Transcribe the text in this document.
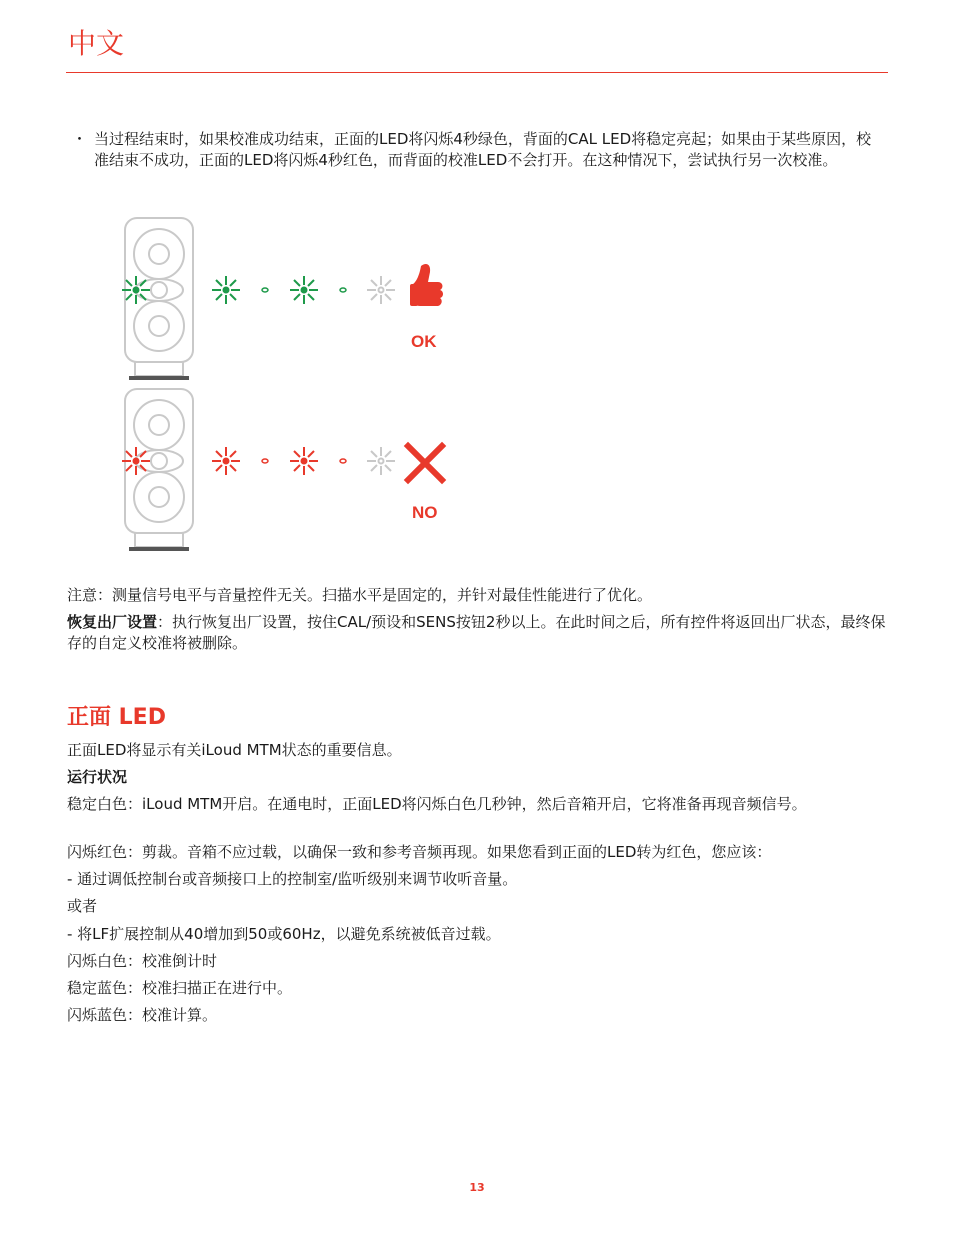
中文
・ 当过程结束时，如果校准成功结束，正面的LED将闪烁4秒绿色，背面的CAL LED将稳定亮起；如果由于某些原因，校准结束不成功，正面的LED将闪烁4秒红色，而背面的校准LED不会打开。在这种情况下，尝试执行另一次校准。
OK
NO
注意：测量信号电平与音量控件无关。扫描水平是固定的，并针对最佳性能进行了优化。
恢复出厂设置：执行恢复出厂设置，按住CAL/预设和SENS按钮2秒以上。在此时间之后，所有控件将返回出厂状态，最终保存的自定义校准将被删除。
正面 LED
正面LED将显示有关iLoud MTM状态的重要信息。
运行状况
稳定白色：iLoud MTM开启。在通电时，正面LED将闪烁白色几秒钟，然后音箱开启，它将准备再现音频信号。
闪烁红色：剪裁。音箱不应过载，以确保一致和参考音频再现。如果您看到正面的LED转为红色，您应该：
- 通过调低控制台或音频接口上的控制室/监听级别来调节收听音量。
或者
- 将LF扩展控制从40增加到50或60Hz，以避免系统被低音过载。
闪烁白色：校准倒计时
稳定蓝色：校准扫描正在进行中。
闪烁蓝色：校准计算。
13
